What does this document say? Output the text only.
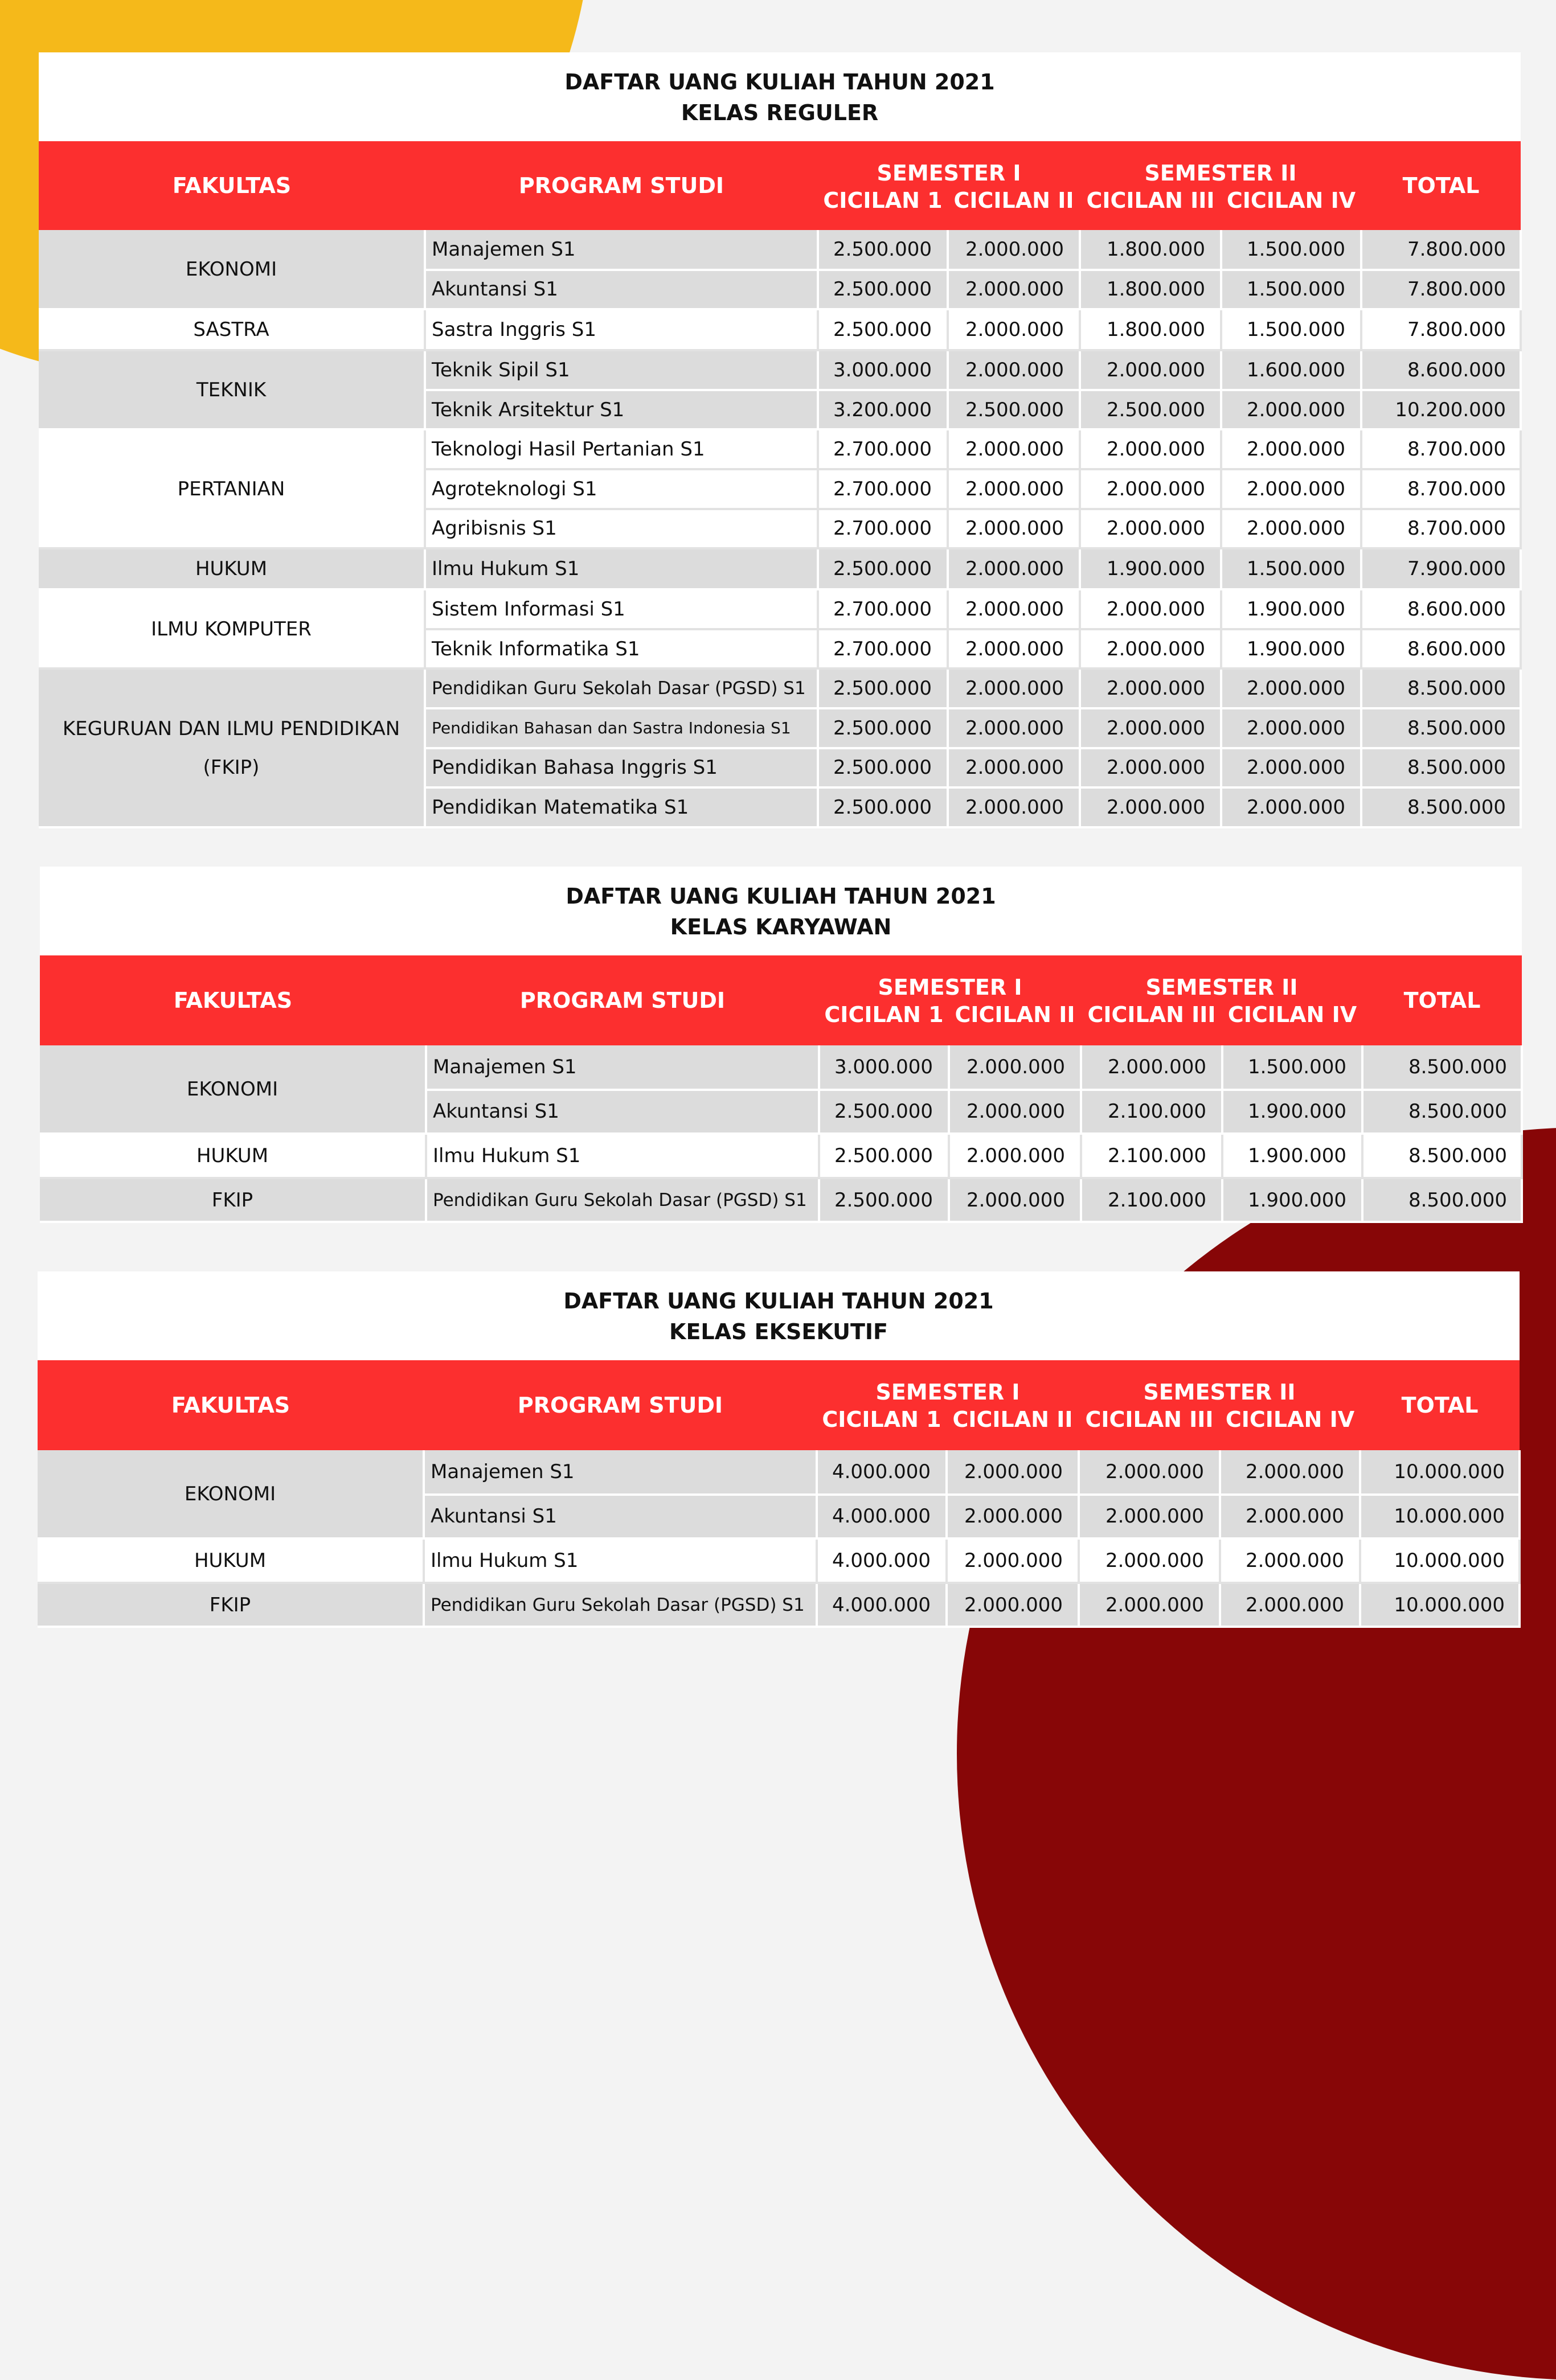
DAFTAR UANG KULIAH TAHUN 2021						
KELAS REGULER						
FAKULTAS	PROGRAM STUDI	SEMESTER I		SEMESTER II		TOTAL
		CICILAN 1	CICILAN II	CICILAN III	CICILAN IV	
EKONOMI	Manajemen S1	2.500.000	2.000.000	1.800.000	1.500.000	7.800.000
	Akuntansi S1	2.500.000	2.000.000	1.800.000	1.500.000	7.800.000
SASTRA	Sastra Inggris S1	2.500.000	2.000.000	1.800.000	1.500.000	7.800.000
TEKNIK	Teknik Sipil S1	3.000.000	2.000.000	2.000.000	1.600.000	8.600.000
	Teknik Arsitektur S1	3.200.000	2.500.000	2.500.000	2.000.000	10.200.000
PERTANIAN	Teknologi Hasil Pertanian S1	2.700.000	2.000.000	2.000.000	2.000.000	8.700.000
	Agroteknologi S1	2.700.000	2.000.000	2.000.000	2.000.000	8.700.000
	Agribisnis S1	2.700.000	2.000.000	2.000.000	2.000.000	8.700.000
HUKUM	Ilmu Hukum S1	2.500.000	2.000.000	1.900.000	1.500.000	7.900.000
ILMU KOMPUTER	Sistem Informasi S1	2.700.000	2.000.000	2.000.000	1.900.000	8.600.000
	Teknik Informatika S1	2.700.000	2.000.000	2.000.000	1.900.000	8.600.000
KEGURUAN DAN ILMU PENDIDIKAN (FKIP)	Pendidikan Guru Sekolah Dasar (PGSD) S1	2.500.000	2.000.000	2.000.000	2.000.000	8.500.000
	Pendidikan Bahasan dan Sastra Indonesia S1	2.500.000	2.000.000	2.000.000	2.000.000	8.500.000
	Pendidikan Bahasa Inggris S1	2.500.000	2.000.000	2.000.000	2.000.000	8.500.000
	Pendidikan Matematika S1	2.500.000	2.000.000	2.000.000	2.000.000	8.500.000
DAFTAR UANG KULIAH TAHUN 2021						
KELAS KARYAWAN						
FAKULTAS	PROGRAM STUDI	SEMESTER I		SEMESTER II		TOTAL
		CICILAN 1	CICILAN II	CICILAN III	CICILAN IV	
EKONOMI	Manajemen S1	3.000.000	2.000.000	2.000.000	1.500.000	8.500.000
	Akuntansi S1	2.500.000	2.000.000	2.100.000	1.900.000	8.500.000
HUKUM	Ilmu Hukum S1	2.500.000	2.000.000	2.100.000	1.900.000	8.500.000
FKIP	Pendidikan Guru Sekolah Dasar (PGSD) S1	2.500.000	2.000.000	2.100.000	1.900.000	8.500.000
DAFTAR UANG KULIAH TAHUN 2021						
KELAS EKSEKUTIF						
FAKULTAS	PROGRAM STUDI	SEMESTER I		SEMESTER II		TOTAL
		CICILAN 1	CICILAN II	CICILAN III	CICILAN IV	
EKONOMI	Manajemen S1	4.000.000	2.000.000	2.000.000	2.000.000	10.000.000
	Akuntansi S1	4.000.000	2.000.000	2.000.000	2.000.000	10.000.000
HUKUM	Ilmu Hukum S1	4.000.000	2.000.000	2.000.000	2.000.000	10.000.000
FKIP	Pendidikan Guru Sekolah Dasar (PGSD) S1	4.000.000	2.000.000	2.000.000	2.000.000	10.000.000
